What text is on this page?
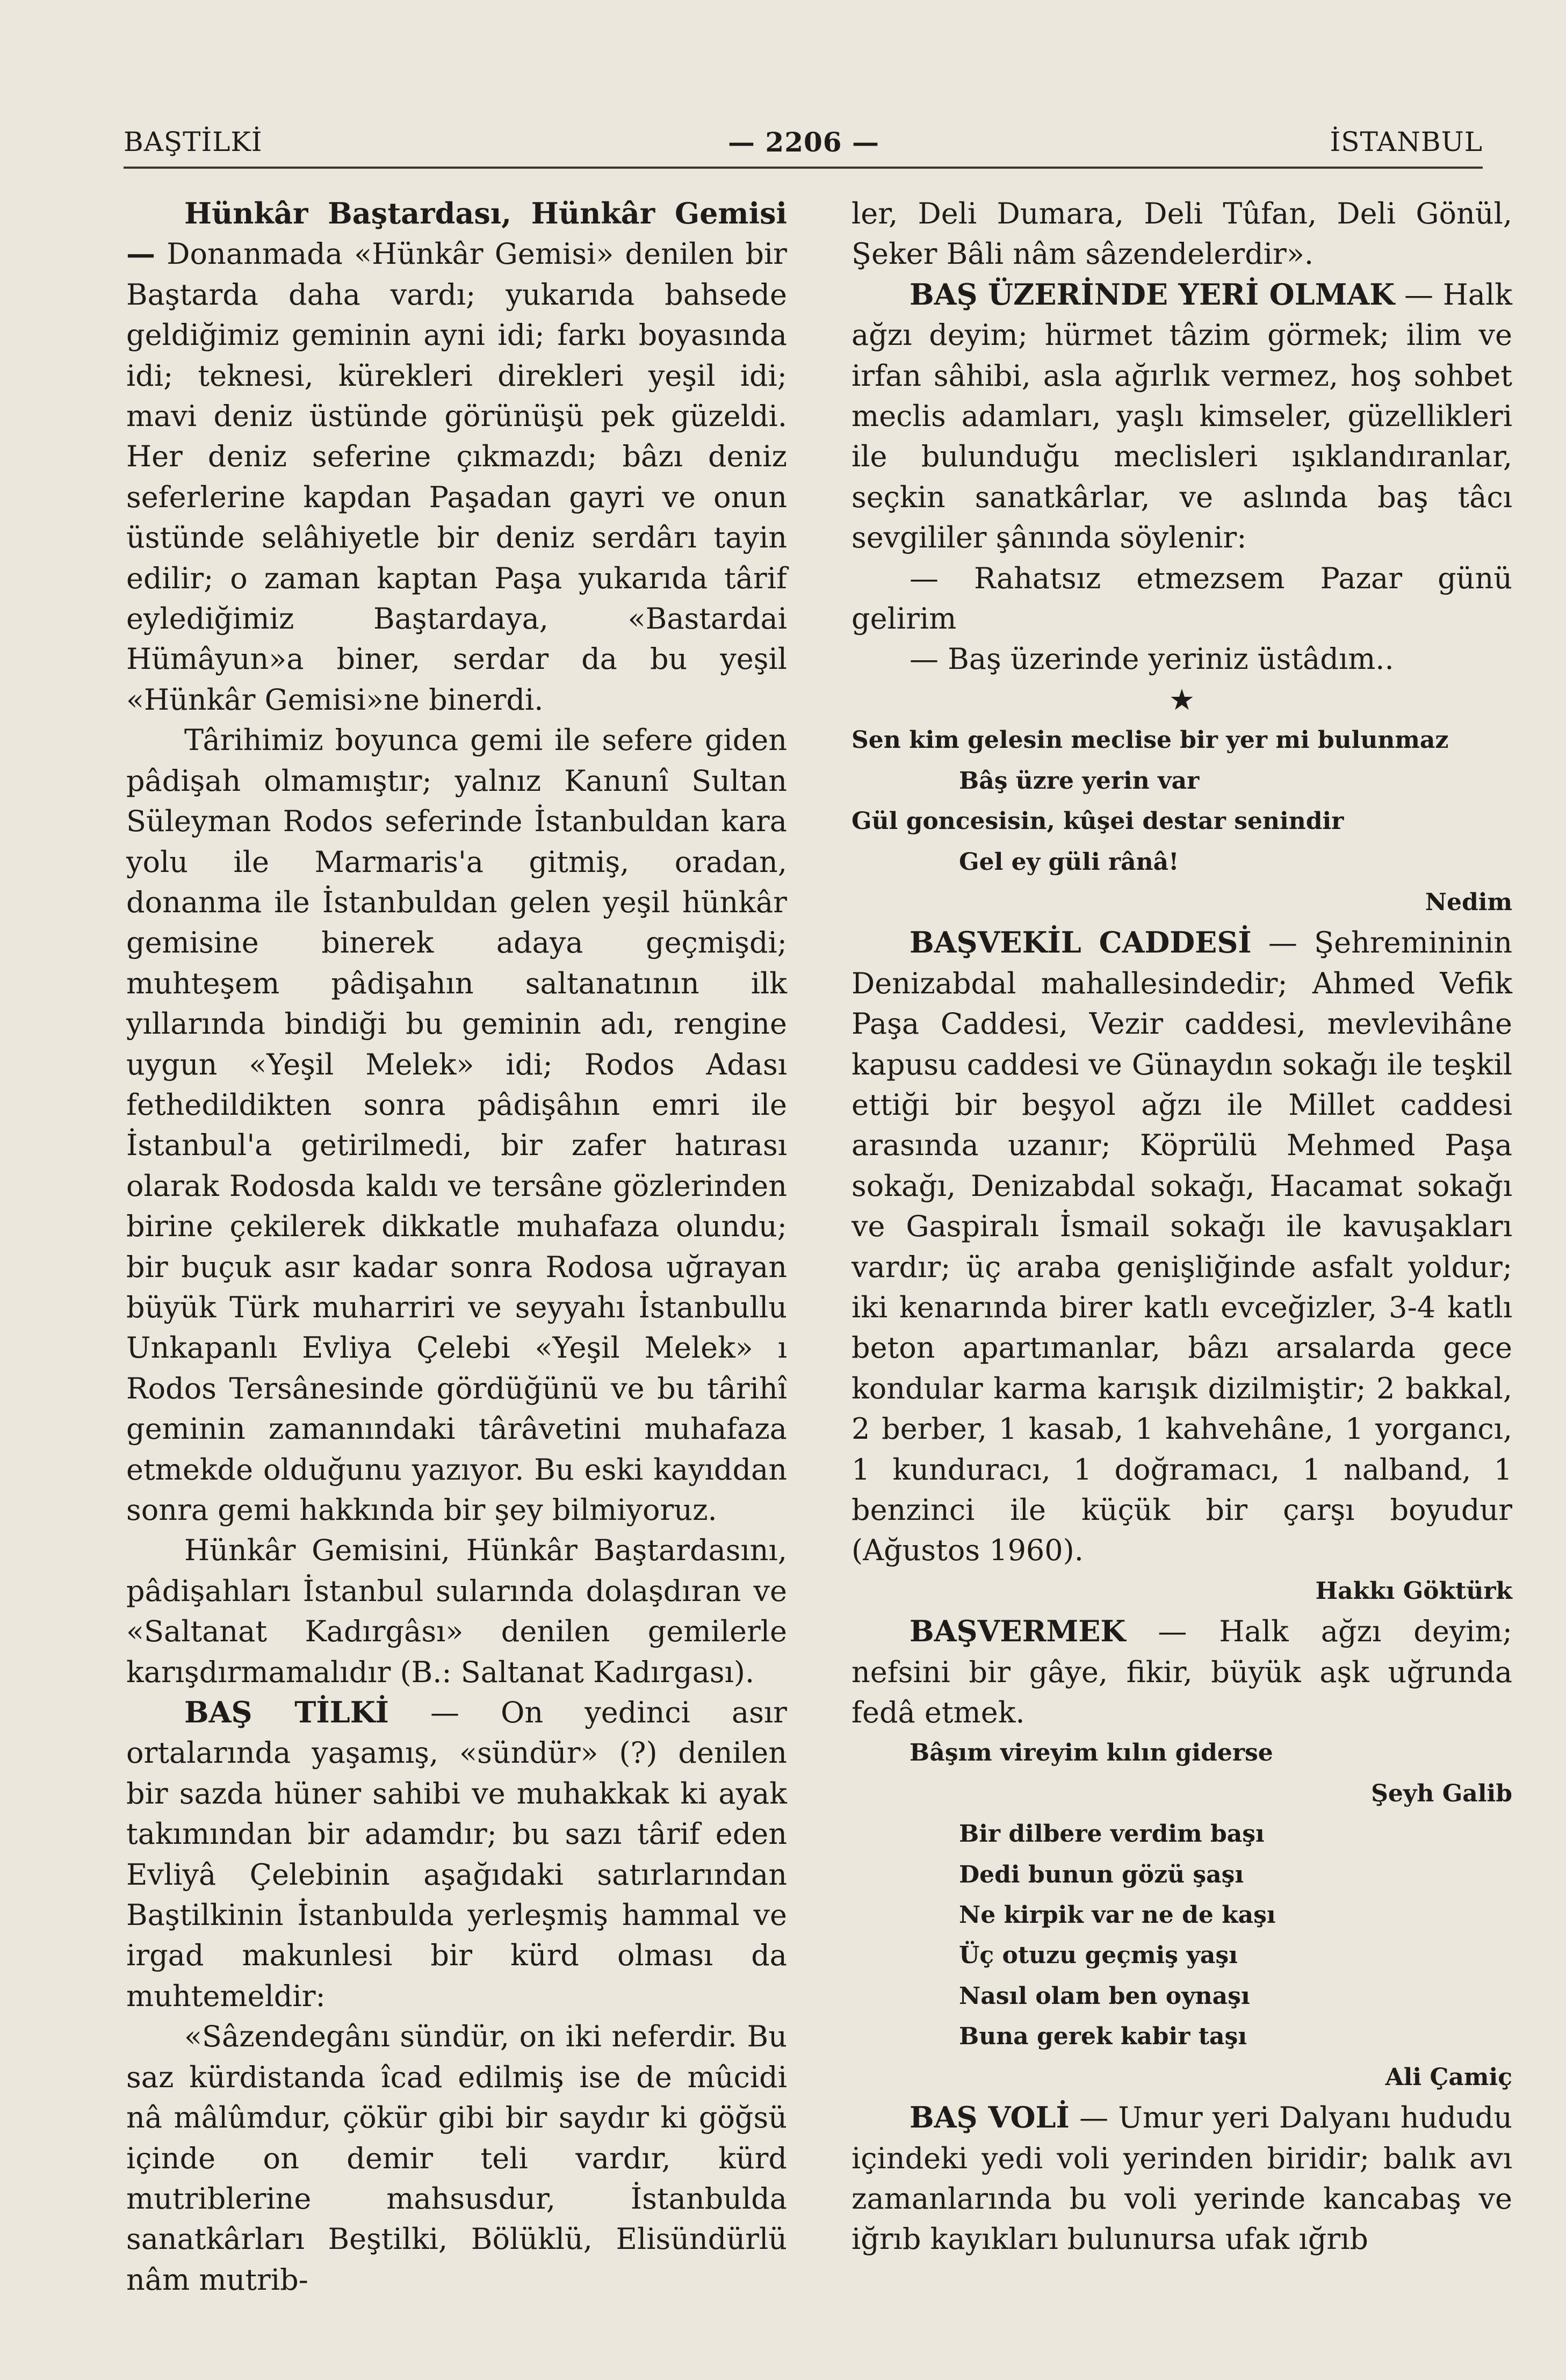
BAŞTİLKİ	— 2206 —	İSTANBUL

Hünkâr Baştardası, Hünkâr Gemisi — Donanmada «Hünkâr Gemisi» denilen bir Baştarda daha vardı; yukarıda bahsede geldiğimiz geminin ayni idi; farkı boyasında idi; teknesi, kürekleri direkleri yeşil idi; mavi deniz üstünde görünüşü pek güzeldi. Her deniz seferine çıkmazdı; bâzı deniz seferlerine kapdan Paşadan gayri ve onun üstünde selâhiyetle bir deniz serdârı tayin edilir; o zaman kaptan Paşa yukarıda târif eylediğimiz Baştardaya, «Bastardai Hümâyun»a biner, serdar da bu yeşil «Hünkâr Gemisi»ne binerdi.

Târihimiz boyunca gemi ile sefere giden pâdişah olmamıştır; yalnız Kanunî Sultan Süleyman Rodos seferinde İstanbuldan kara yolu ile Marmaris'a gitmiş, oradan, donanma ile İstanbuldan gelen yeşil hünkâr gemisine binerek adaya geçmişdi; muhteşem pâdişahın saltanatının ilk yıllarında bindiği bu geminin adı, rengine uygun «Yeşil Melek» idi; Rodos Adası fethedildikten sonra pâdişâhın emri ile İstanbul'a getirilmedi, bir zafer hatırası olarak Rodosda kaldı ve tersâne gözlerinden birine çekilerek dikkatle muhafaza olundu; bir buçuk asır kadar sonra Rodosa uğrayan büyük Türk muharriri ve seyyahı İstanbullu Unkapanlı Evliya Çelebi «Yeşil Melek» ı Rodos Tersânesinde gördüğünü ve bu târihî geminin zamanındaki târâvetini muhafaza etmekde olduğunu yazıyor. Bu eski kayıddan sonra gemi hakkında bir şey bilmiyoruz.

Hünkâr Gemisini, Hünkâr Baştardasını, pâdişahları İstanbul sularında dolaşdıran ve «Saltanat Kadırgâsı» denilen gemilerle karışdırmamalıdır (B.: Saltanat Kadırgası).

BAŞ TİLKİ — On yedinci asır ortalarında yaşamış, «sündür» (?) denilen bir sazda hüner sahibi ve muhakkak ki ayak takımından bir adamdır; bu sazı târif eden Evliyâ Çelebinin aşağıdaki satırlarından Baştilkinin İstanbulda yerleşmiş hammal ve irgad makunlesi bir kürd olması da muhtemeldir:

«Sâzendegânı sündür, on iki neferdir. Bu saz kürdistanda îcad edilmiş ise de mûcidi nâ mâlûmdur, çökür gibi bir saydır ki göğsü içinde on demir teli vardır, kürd mutriblerine mahsusdur, İstanbulda sanatkârları Beştilki, Bölüklü, Elisündürlü nâm mutrib-

ler, Deli Dumara, Deli Tûfan, Deli Gönül, Şeker Bâli nâm sâzendelerdir».

BAŞ ÜZERİNDE YERİ OLMAK — Halk ağzı deyim; hürmet tâzim görmek; ilim ve irfan sâhibi, asla ağırlık vermez, hoş sohbet meclis adamları, yaşlı kimseler, güzellikleri ile bulunduğu meclisleri ışıklandıranlar, seçkin sanatkârlar, ve aslında baş tâcı sevgililer şânında söylenir:

— Rahatsız etmezsem Pazar günü gelirim

— Baş üzerinde yeriniz üstâdım..

★

Sen kim gelesin meclise bir yer mi bulunmaz

Bâş üzre yerin var

Gül goncesisin, kûşei destar senindir

Gel ey güli rânâ!

Nedim

BAŞVEKİL CADDESİ — Şehremininin Denizabdal mahallesindedir; Ahmed Vefik Paşa Caddesi, Vezir caddesi, mevlevihâne kapusu caddesi ve Günaydın sokağı ile teşkil ettiği bir beşyol ağzı ile Millet caddesi arasında uzanır; Köprülü Mehmed Paşa sokağı, Denizabdal sokağı, Hacamat sokağı ve Gaspiralı İsmail sokağı ile kavuşakları vardır; üç araba genişliğinde asfalt yoldur; iki kenarında birer katlı evceğizler, 3-4 katlı beton apartımanlar, bâzı arsalarda gece kondular karma karışık dizilmiştir; 2 bakkal, 2 berber, 1 kasab, 1 kahvehâne, 1 yorgancı, 1 kunduracı, 1 doğramacı, 1 nalband, 1 benzinci ile küçük bir çarşı boyudur (Ağustos 1960).

Hakkı Göktürk

BAŞVERMEK — Halk ağzı deyim; nefsini bir gâye, fikir, büyük aşk uğrunda fedâ etmek.

Bâşım vireyim kılın giderse

Şeyh Galib

Bir dilbere verdim başı

Dedi bunun gözü şaşı

Ne kirpik var ne de kaşı

Üç otuzu geçmiş yaşı

Nasıl olam ben oynaşı

Buna gerek kabir taşı

Ali Çamiç

BAŞ VOLİ — Umur yeri Dalyanı hududu içindeki yedi voli yerinden biridir; balık avı zamanlarında bu voli yerinde kancabaş ve iğrıb kayıkları bulunursa ufak ığrıb
